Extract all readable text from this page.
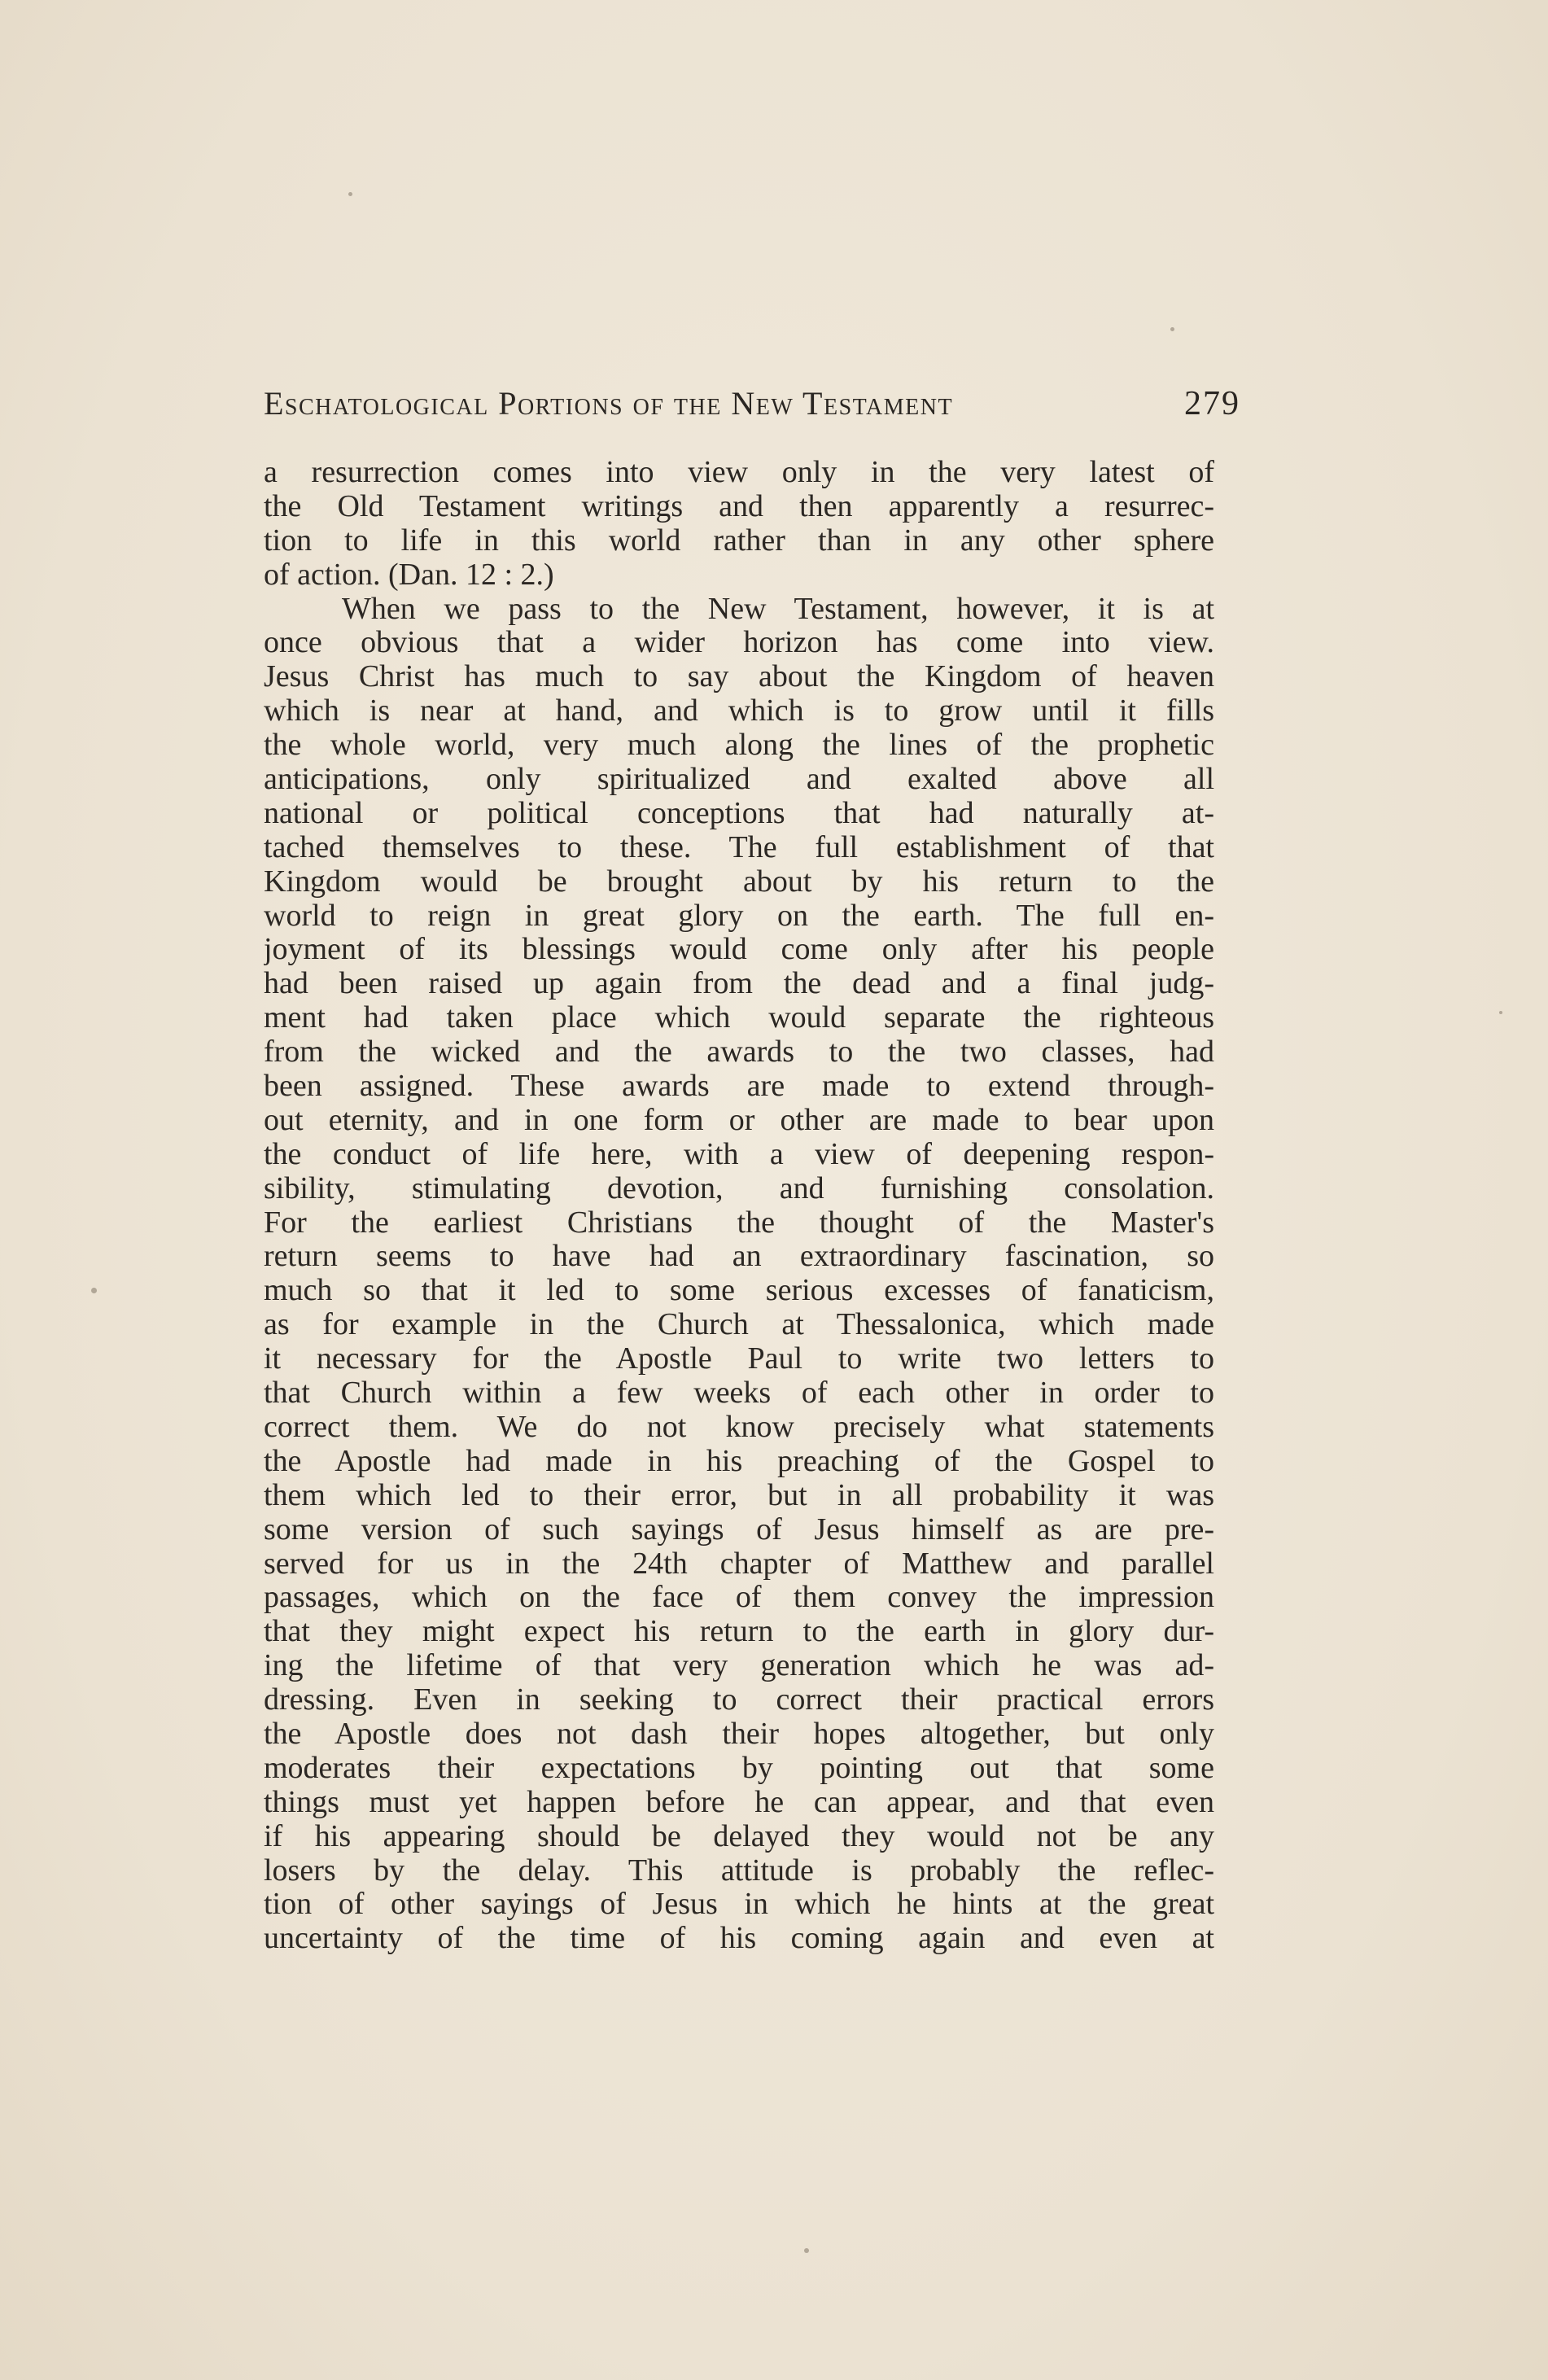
Eschatological Portions of the New Testament	279
a resurrection comes into view only in the very latest of
the Old Testament writings and then apparently a resurrec-
tion to life in this world rather than in any other sphere
of action. (Dan. 12 : 2.)
When we pass to the New Testament, however, it is at
once obvious that a wider horizon has come into view.
Jesus Christ has much to say about the Kingdom of heaven
which is near at hand, and which is to grow until it fills
the whole world, very much along the lines of the prophetic
anticipations, only spiritualized and exalted above all
national or political conceptions that had naturally at-
tached themselves to these. The full establishment of that
Kingdom would be brought about by his return to the
world to reign in great glory on the earth. The full en-
joyment of its blessings would come only after his people
had been raised up again from the dead and a final judg-
ment had taken place which would separate the righteous
from the wicked and the awards to the two classes, had
been assigned. These awards are made to extend through-
out eternity, and in one form or other are made to bear upon
the conduct of life here, with a view of deepening respon-
sibility, stimulating devotion, and furnishing consolation.
For the earliest Christians the thought of the Master's
return seems to have had an extraordinary fascination, so
much so that it led to some serious excesses of fanaticism,
as for example in the Church at Thessalonica, which made
it necessary for the Apostle Paul to write two letters to
that Church within a few weeks of each other in order to
correct them. We do not know precisely what statements
the Apostle had made in his preaching of the Gospel to
them which led to their error, but in all probability it was
some version of such sayings of Jesus himself as are pre-
served for us in the 24th chapter of Matthew and parallel
passages, which on the face of them convey the impression
that they might expect his return to the earth in glory dur-
ing the lifetime of that very generation which he was ad-
dressing. Even in seeking to correct their practical errors
the Apostle does not dash their hopes altogether, but only
moderates their expectations by pointing out that some
things must yet happen before he can appear, and that even
if his appearing should be delayed they would not be any
losers by the delay. This attitude is probably the reflec-
tion of other sayings of Jesus in which he hints at the great
uncertainty of the time of his coming again and even at
